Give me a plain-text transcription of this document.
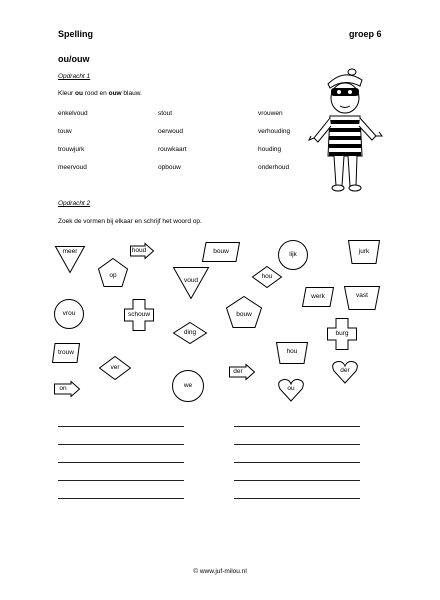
Spelling	groep 6
ou/ouw
Opdracht 1
Kleur ou rood en ouw blauw.
enkelvoud	stout	vrouwen
touw	oerwoud	verhouding
trouwjurk	rouwkaart	houding
meervoud	opbouw	onderhoud
Opdracht 2
Zoek de vormen bij elkaar en schrijf het woord op.
meer	houd
op
voud
bouw	lijk	jurk
hou
werk	vast
vrou	schouw
ding
bouw
burg
trouw	hou
ver
we
der
ou
on
der
© www.juf-milou.nl
